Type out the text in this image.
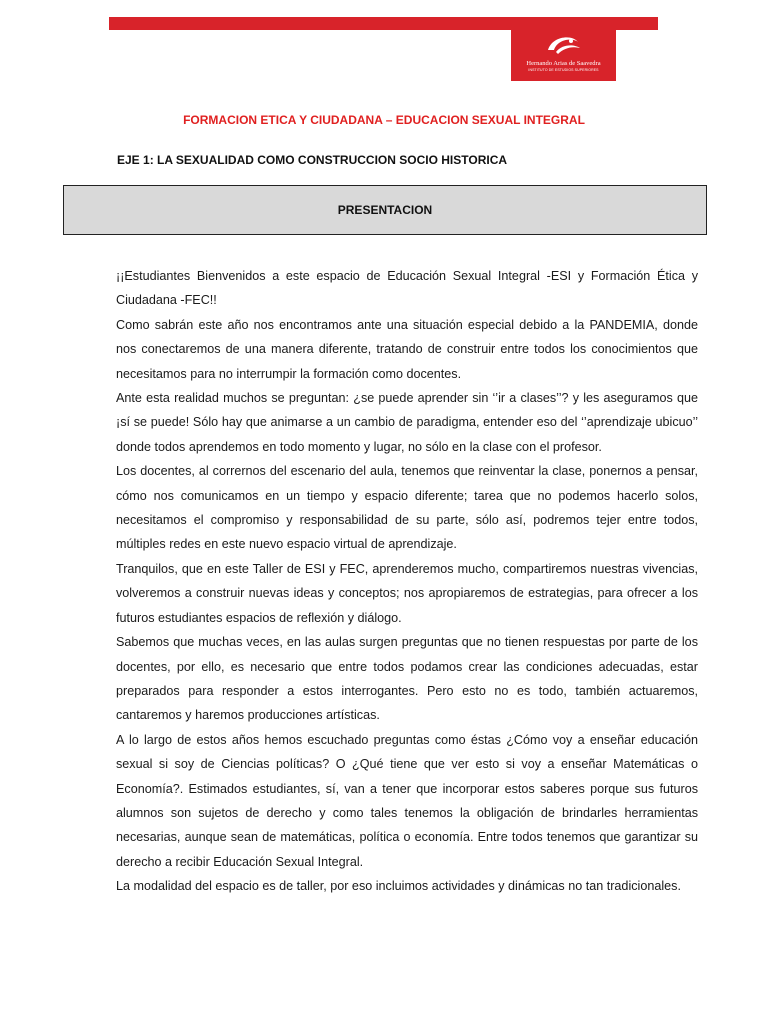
Hernando Arias de Saavedra
INSTITUTO DE ESTUDIOS SUPERIORES
FORMACION ETICA Y CIUDADANA – EDUCACION SEXUAL INTEGRAL
EJE 1: LA SEXUALIDAD COMO CONSTRUCCION SOCIO HISTORICA
PRESENTACION

¡¡Estudiantes Bienvenidos a este espacio de Educación Sexual Integral -ESI y Formación Ética y Ciudadana -FEC!!

Como sabrán este año nos encontramos ante una situación especial debido a la PANDEMIA, donde nos conectaremos de una manera diferente, tratando de construir entre todos los conocimientos que necesitamos para no interrumpir la formación como docentes.

Ante esta realidad muchos se preguntan: ¿se puede aprender sin ‘’ir a clases’’? y les aseguramos que ¡sí se puede! Sólo hay que animarse a un cambio de paradigma, entender eso del ‘’aprendizaje ubicuo’’ donde todos aprendemos en todo momento y lugar, no sólo en la clase con el profesor.

Los docentes, al corrernos del escenario del aula, tenemos que reinventar la clase, ponernos a pensar, cómo nos comunicamos en un tiempo y espacio diferente; tarea que no podemos hacerlo solos, necesitamos el compromiso y responsabilidad de su parte, sólo así, podremos tejer entre todos, múltiples redes en este nuevo espacio virtual de aprendizaje.

Tranquilos, que en este Taller de ESI y FEC, aprenderemos mucho, compartiremos nuestras vivencias, volveremos a construir nuevas ideas y conceptos; nos apropiaremos de estrategias, para ofrecer a los futuros estudiantes espacios de reflexión y diálogo.

Sabemos que muchas veces, en las aulas surgen preguntas que no tienen respuestas por parte de los docentes, por ello, es necesario que entre todos podamos crear las condiciones adecuadas, estar preparados para responder a estos interrogantes. Pero esto no es todo, también actuaremos, cantaremos y haremos producciones artísticas.

A lo largo de estos años hemos escuchado preguntas como éstas ¿Cómo voy a enseñar educación sexual si soy de Ciencias políticas? O ¿Qué tiene que ver esto si voy a enseñar Matemáticas o Economía?. Estimados estudiantes, sí, van a tener que incorporar estos saberes porque sus futuros alumnos son sujetos de derecho y como tales tenemos la obligación de brindarles herramientas necesarias, aunque sean de matemáticas, política o economía. Entre todos tenemos que garantizar su derecho a recibir Educación Sexual Integral.

La modalidad del espacio es de taller, por eso incluimos actividades y dinámicas no tan tradicionales.
